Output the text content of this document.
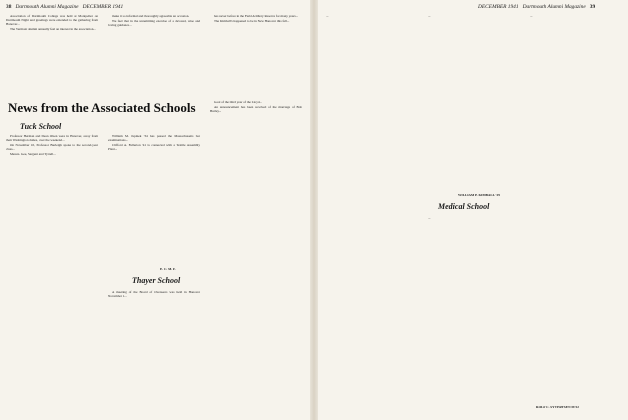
38 Dartmouth Alumni Magazine DECEMBER 1941

Association of Dartmouth College was held at Montpelier on Dartmouth Night and greetings were extended to the gathering from Hanover...

The Vermont alumni annually feel an interest in the association...

make it so informal and thoroughly agreeable an occasion.

We feel that in the unremitting exercise of a devoted, wise and loving guidance...

has never before in the Field Artillery Reserve for many years...

The Kimball's happened to be in New Hanover this fall...

News from the Associated Schools
Tuck School

Professor Herman and Dean Olsen were in Hanover, away from their Washington duties, over the weekend...

On November 10, Professor Burleigh spoke to the second-year class...

Messrs. Gee, Sargent and Tyrrell...

William M. Jupinek '34 has passed the Massachusetts bar examinations...

Clifford A. Fullerton '41 is connected with a Textile Assembly Plant...

E. C. M. F.
Thayer School

A meeting of the Board of Overseers was held in Hanover November 1...

Gaol of the third year of the Lloyd...

An announcement has been received of the marriage of Bob Burley...

DECEMBER 1941 Dartmouth Alumni Magazine 39

...	...

WILLIAM P. KIMBALL '29
Medical School

...

...

ROLF C. SYVERTSEN M'22
